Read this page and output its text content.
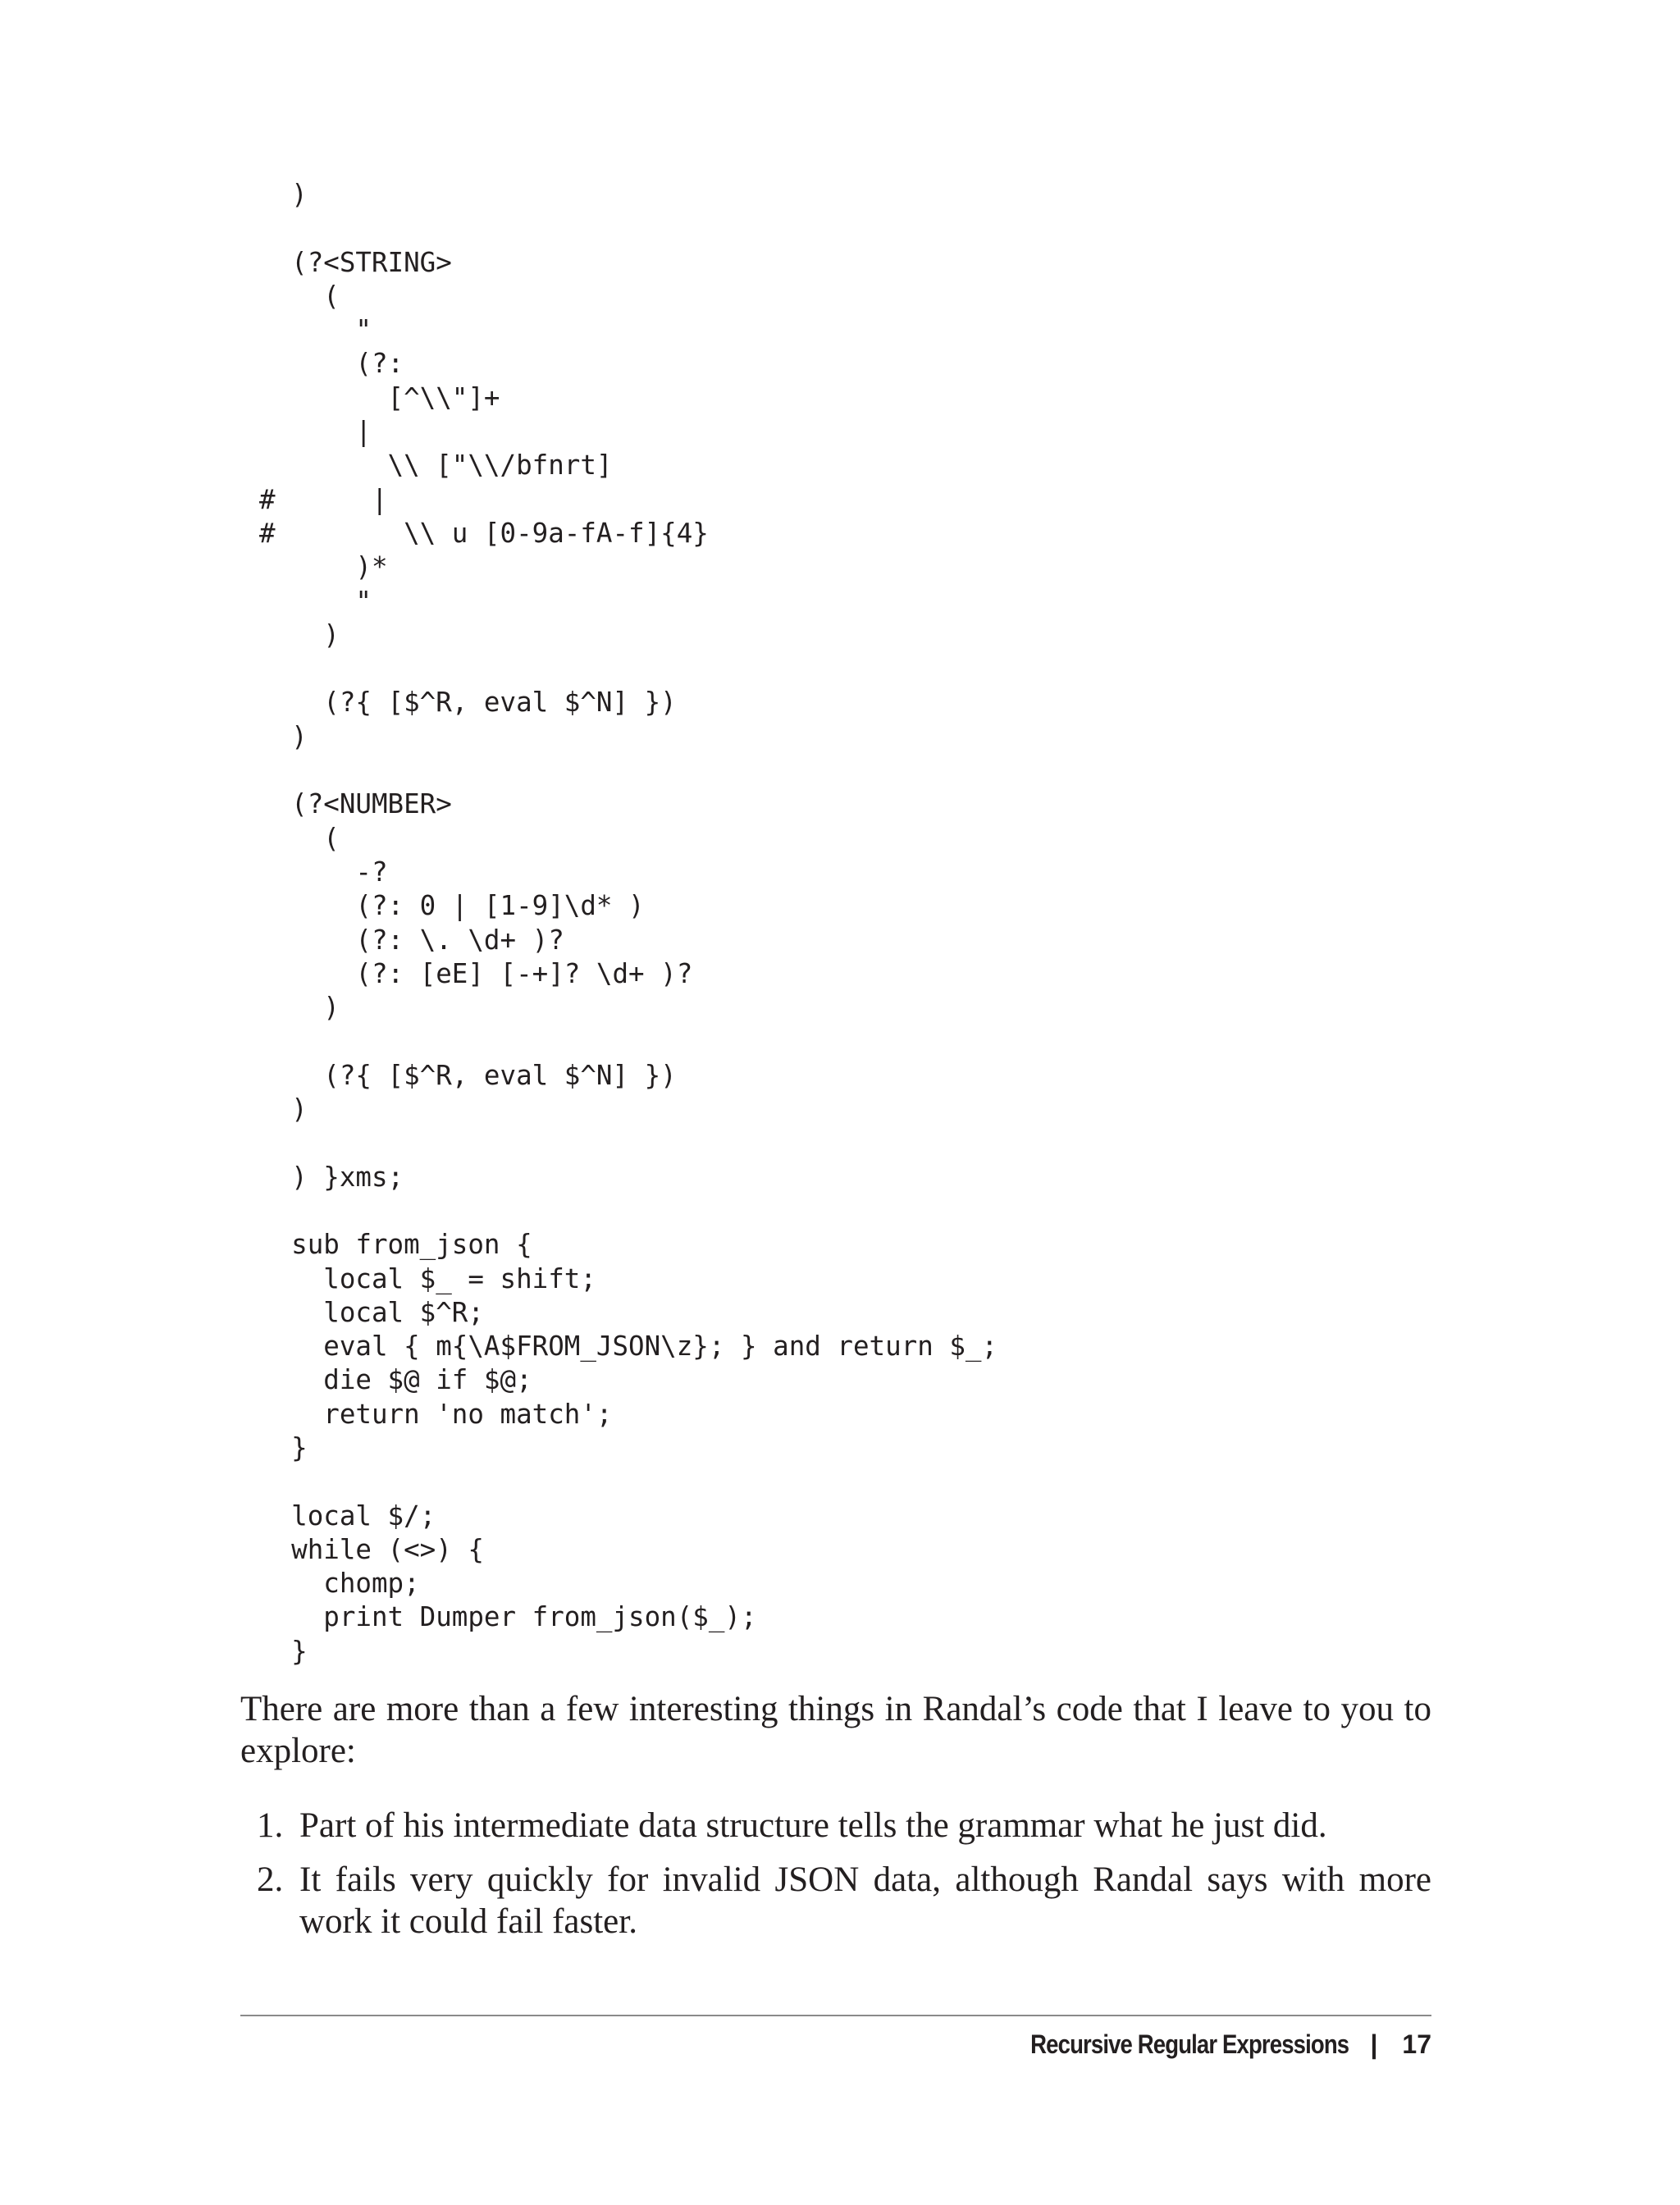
)

(?<STRING>
(
"
(?:
[^\\"]+
|
\\ ["\\/bfnrt]
#      |
#        \\ u [0-9a-fA-f]{4}
)*
"
)

(?{ [$^R, eval $^N] })
)

(?<NUMBER>
(
-?
(?: 0 | [1-9]\d* )
(?: \. \d+ )?
(?: [eE] [-+]? \d+ )?
)

(?{ [$^R, eval $^N] })
)

) }xms;

sub from_json {
local $_ = shift;
local $^R;
eval { m{\A$FROM_JSON\z}; } and return $_;
die $@ if $@;
return 'no match';
}

local $/;
while (<>) {
chomp;
print Dumper from_json($_);
}

There are more than a few interesting things in Randal’s code that I leave to you to explore:

1. Part of his intermediate data structure tells the grammar what he just did.
2. It fails very quickly for invalid JSON data, although Randal says with more work it could fail faster.
Recursive Regular Expressions | 17
